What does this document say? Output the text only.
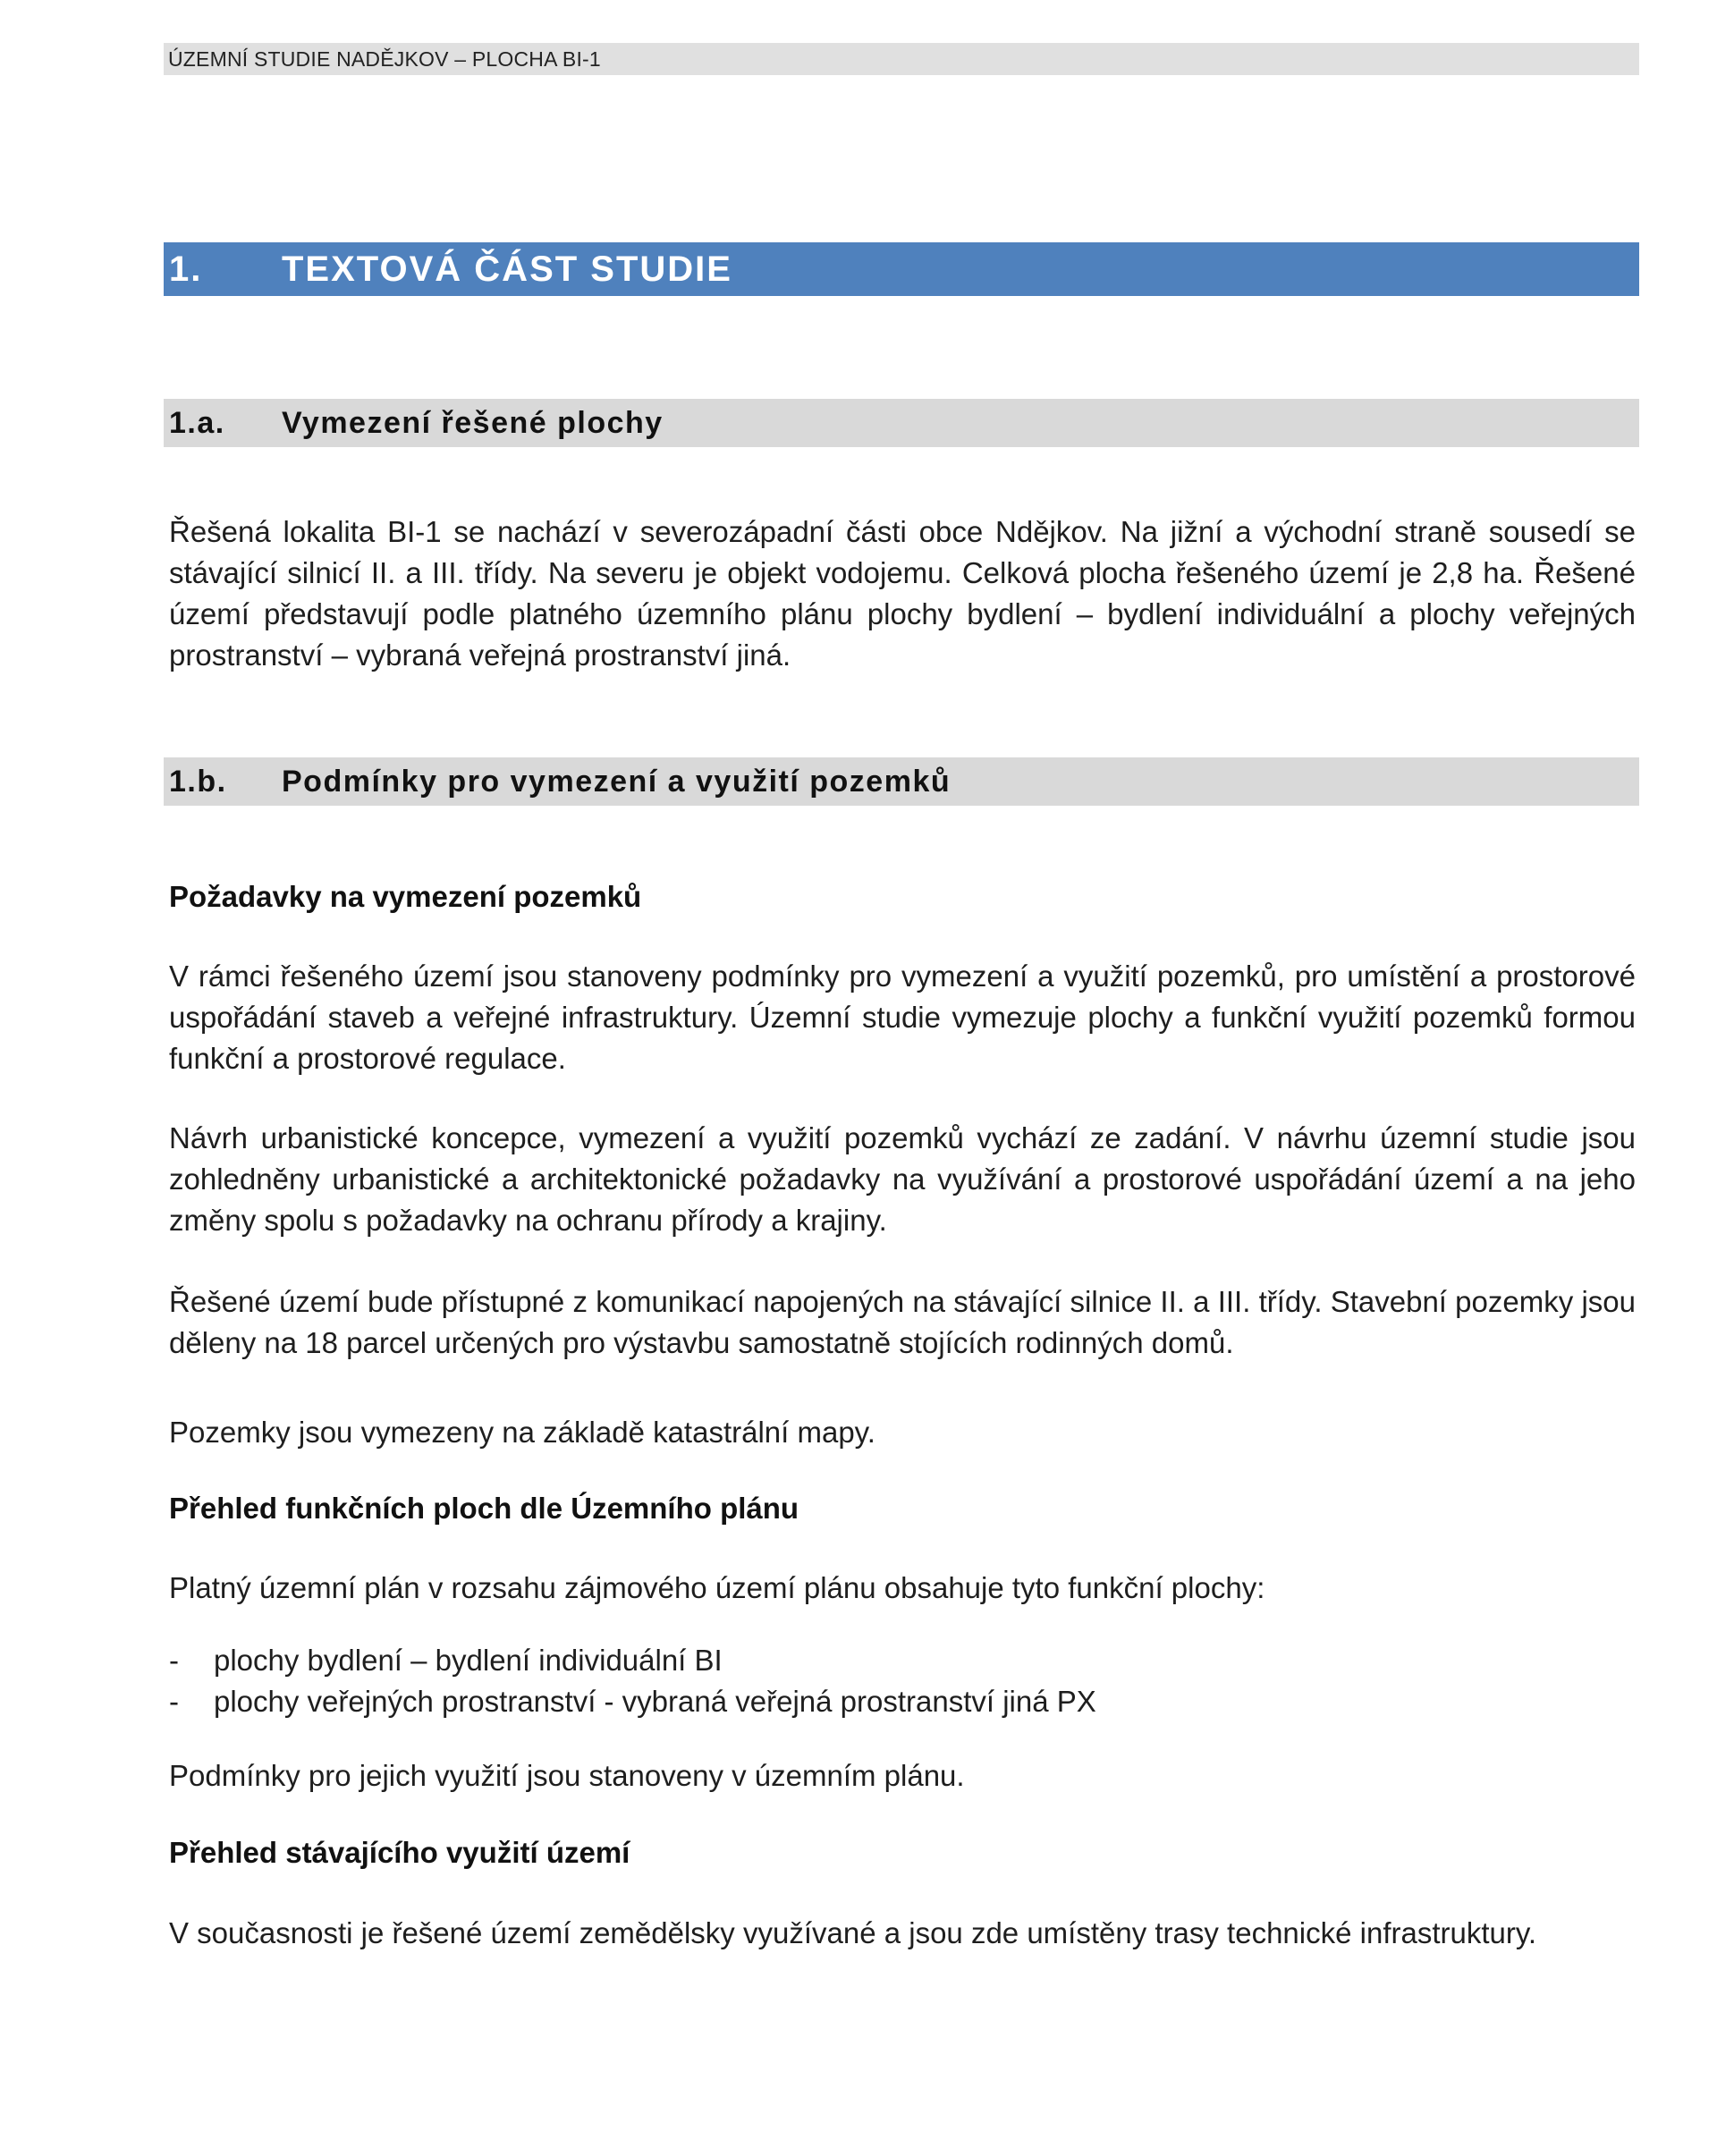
ÚZEMNÍ STUDIE NADĚJKOV – PLOCHA BI-1
1.	TEXTOVÁ ČÁST STUDIE
1.a.	Vymezení řešené plochy

Řešená lokalita BI-1 se nachází v severozápadní části obce Ndějkov. Na jižní a východní straně sousedí se stávající silnicí II. a III. třídy. Na severu je objekt vodojemu. Celková plocha řešeného území je 2,8 ha. Řešené území představují podle platného územního plánu plochy bydlení – bydlení individuální a plochy veřejných prostranství – vybraná veřejná prostranství jiná.

1.b.	Podmínky pro vymezení a využití pozemků

Požadavky na vymezení pozemků

V rámci řešeného území jsou stanoveny podmínky pro vymezení a využití pozemků, pro umístění a prostorové uspořádání staveb a veřejné infrastruktury. Územní studie vymezuje plochy a funkční využití pozemků formou funkční a prostorové regulace.

Návrh urbanistické koncepce, vymezení a využití pozemků vychází ze zadání. V návrhu územní studie jsou zohledněny urbanistické a architektonické požadavky na využívání a prostorové uspořádání území a na jeho změny spolu s požadavky na ochranu přírody a krajiny.

Řešené území bude přístupné z komunikací napojených na stávající silnice II. a III. třídy. Stavební pozemky jsou děleny na 18 parcel určených pro výstavbu samostatně stojících rodinných domů.

Pozemky jsou vymezeny na základě katastrální mapy.

Přehled funkčních ploch dle Územního plánu

Platný územní plán v rozsahu zájmového území plánu obsahuje tyto funkční plochy:

-	plochy bydlení – bydlení individuální BI
-	plochy veřejných prostranství - vybraná veřejná prostranství jiná PX

Podmínky pro jejich využití jsou stanoveny v územním plánu.

Přehled stávajícího využití území

V současnosti je řešené území zemědělsky využívané a jsou zde umístěny trasy technické infrastruktury.
